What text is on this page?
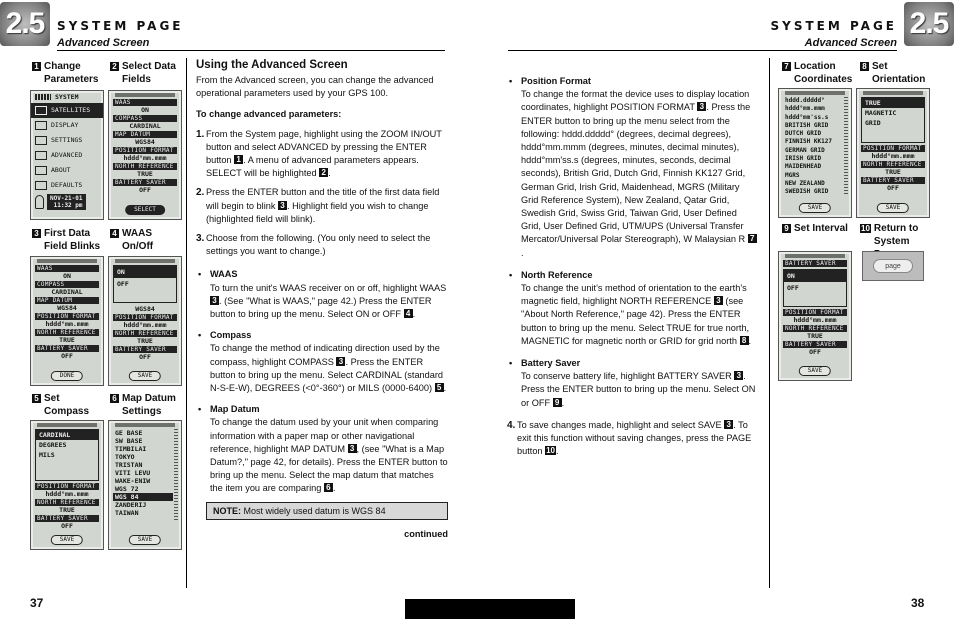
2.5	SYSTEM PAGE
Advanced Screen
2.5
SYSTEM PAGE
Advanced Screen
1 Change Parameters
2 Select Data Fields
SYSTEM
SATELLITES
DISPLAY
SETTINGS
ADVANCED
ABOUT
DEFAULTS
NOV-21-01
11:32 pm
WAAS
ON
COMPASS
CARDINAL
MAP DATUM
WGS84
POSITION FORMAT
hddd°mm.mmm
NORTH REFERENCE
TRUE
BATTERY SAVER
OFF
SELECT
3 First Data Field Blinks
4 WAAS On/Off
WAAS
ON
COMPASS
CARDINAL
MAP DATUM
WGS84
POSITION FORMAT
hddd°mm.mmm
NORTH REFERENCE
TRUE
BATTERY SAVER
OFF
DONE
ON
OFF
WGS84
POSITION FORMAT
hddd°mm.mmm
NORTH REFERENCE
TRUE
BATTERY SAVER
OFF
SAVE
5 Set Compass
6 Map Datum Settings
CARDINAL
DEGREES
MILS
POSITION FORMAT
hddd°mm.mmm
NORTH REFERENCE
TRUE
BATTERY SAVER
OFF
SAVE
GE BASE
SW BASE
TIMBILAI
TOKYO
TRISTAN
VITI LEVU
WAKE-ENIW
WGS 72
WGS 84
ZANDERIJ
TAIWAN
SAVE
37
Using the Advanced Screen
From the Advanced screen, you can change the advanced operational parameters used by your GPS 100.
To change advanced parameters:
1. From the System page, highlight using the ZOOM IN/OUT button and select ADVANCED by pressing the ENTER button 1 . A menu of advanced parameters appears. SELECT will be highlighted 2 .
2. Press the ENTER button and the title of the first data field will begin to blink 3 . Highlight field you wish to change (highlighted field will blink).
3. Choose from the following. (You only need to select the settings you want to change.)
• WAAS
To turn the unit's WAAS receiver on or off, highlight WAAS 3 . (See "What is WAAS," page 42.) Press the ENTER button to bring up the menu. Select ON or OFF 4 .
• Compass
To change the method of indicating direction used by the compass, highlight COMPASS 3 . Press the ENTER button to bring up the menu. Select CARDINAL (standard N-S-E-W), DEGREES (<0°-360°) or MILS (0000-6400) 5 .
• Map Datum
To change the datum used by your unit when comparing information with a paper map or other navigational reference, highlight MAP DATUM 3 , (see "What is a Map Datum?," page 42, for details). Press the ENTER button to bring up the menu. Select the map datum that matches the item you are comparing 6 .
NOTE: Most widely used datum is WGS 84
continued
• Position Format
To change the format the device uses to display location coordinates, highlight POSITION FORMAT 3 . Press the ENTER button to bring up the menu select from the following: hddd.ddddd° (degrees, decimal degrees), hddd°mm.mmm (degrees, minutes, decimal minutes), hddd°mm'ss.s (degrees, minutes, seconds, decimal seconds), British Grid, Dutch Grid, Finnish KK127 Grid, German Grid, Irish Grid, Maidenhead, MGRS (Military Grid Reference System), New Zealand, Qatar Grid, Swedish Grid, Swiss Grid, Taiwan Grid, User Defined Grid, User Defined Grid, UTM/UPS (Universal Transfer Mercator/Universal Polar Stereograph), W Malaysian R 7.
• North Reference
To change the unit's method of orientation to the earth's magnetic field, highlight NORTH REFERENCE 3 (see "About North Reference," page 42). Press the ENTER button to bring up the menu. Select TRUE for true north, MAGNETIC for magnetic north or GRID for grid north 8 .
• Battery Saver
To conserve battery life, highlight BATTERY SAVER 3 . Press the ENTER button to bring up the menu. Select ON or OFF 9 .
4. To save changes made, highlight and select SAVE 3 . To exit this function without saving changes, press the PAGE button 10.
7 Location Coordinates
8 Set Orientation
hddd.ddddd°
hddd°mm.mmm
hddd°mm'ss.s
BRITISH GRID
DUTCH GRID
FINNISH KK127
GERMAN GRID
IRISH GRID
MAIDENHEAD
MGRS
NEW ZEALAND
SWEDISH GRID
SAVE
TRUE
MAGNETIC
GRID
POSITION FORMAT
hddd°mm.mmm
NORTH REFERENCE
TRUE
BATTERY SAVER
OFF
SAVE
9 Set Interval 10 Return to System
BATTERY SAVER
ON
OFF
POSITION FORMAT
hddd°mm.mmm
NORTH REFERENCE
TRUE
BATTERY SAVER
OFF
SAVE
page
38
